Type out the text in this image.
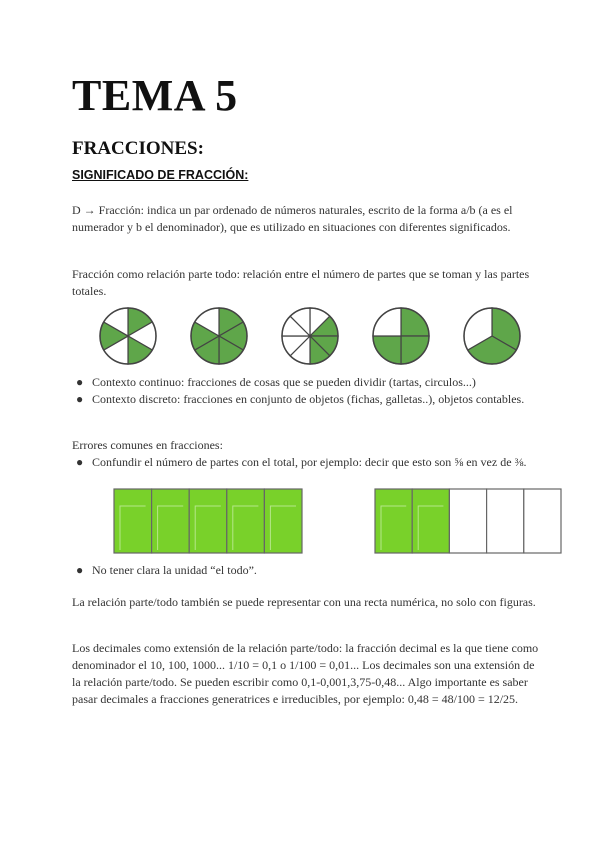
TEMA 5
FRACCIONES:
SIGNIFICADO DE FRACCIÓN:
D → Fracción: indica un par ordenado de números naturales, escrito de la forma a/b (a es el numerador y b el denominador), que es utilizado en situaciones con diferentes significados.
Fracción como relación parte todo: relación entre el número de partes que se toman y las partes totales.
● Contexto continuo: fracciones de cosas que se pueden dividir (tartas, circulos...)
● Contexto discreto: fracciones en conjunto de objetos (fichas, galletas..), objetos contables.
Errores comunes en fracciones:
● Confundir el número de partes con el total, por ejemplo: decir que esto son ⅝ en vez de ⅜.
● No tener clara la unidad “el todo”.
La relación parte/todo también se puede representar con una recta numérica, no solo con figuras.
Los decimales como extensión de la relación parte/todo: la fracción decimal es la que tiene como denominador el 10, 100, 1000... 1/10 = 0,1 o 1/100 = 0,01... Los decimales son una extensión de la relación parte/todo. Se pueden escribir como 0,1-0,001,3,75-0,48... Algo importante es saber pasar decimales a fracciones generatrices e irreducibles, por ejemplo: 0,48 = 48/100 = 12/25.
